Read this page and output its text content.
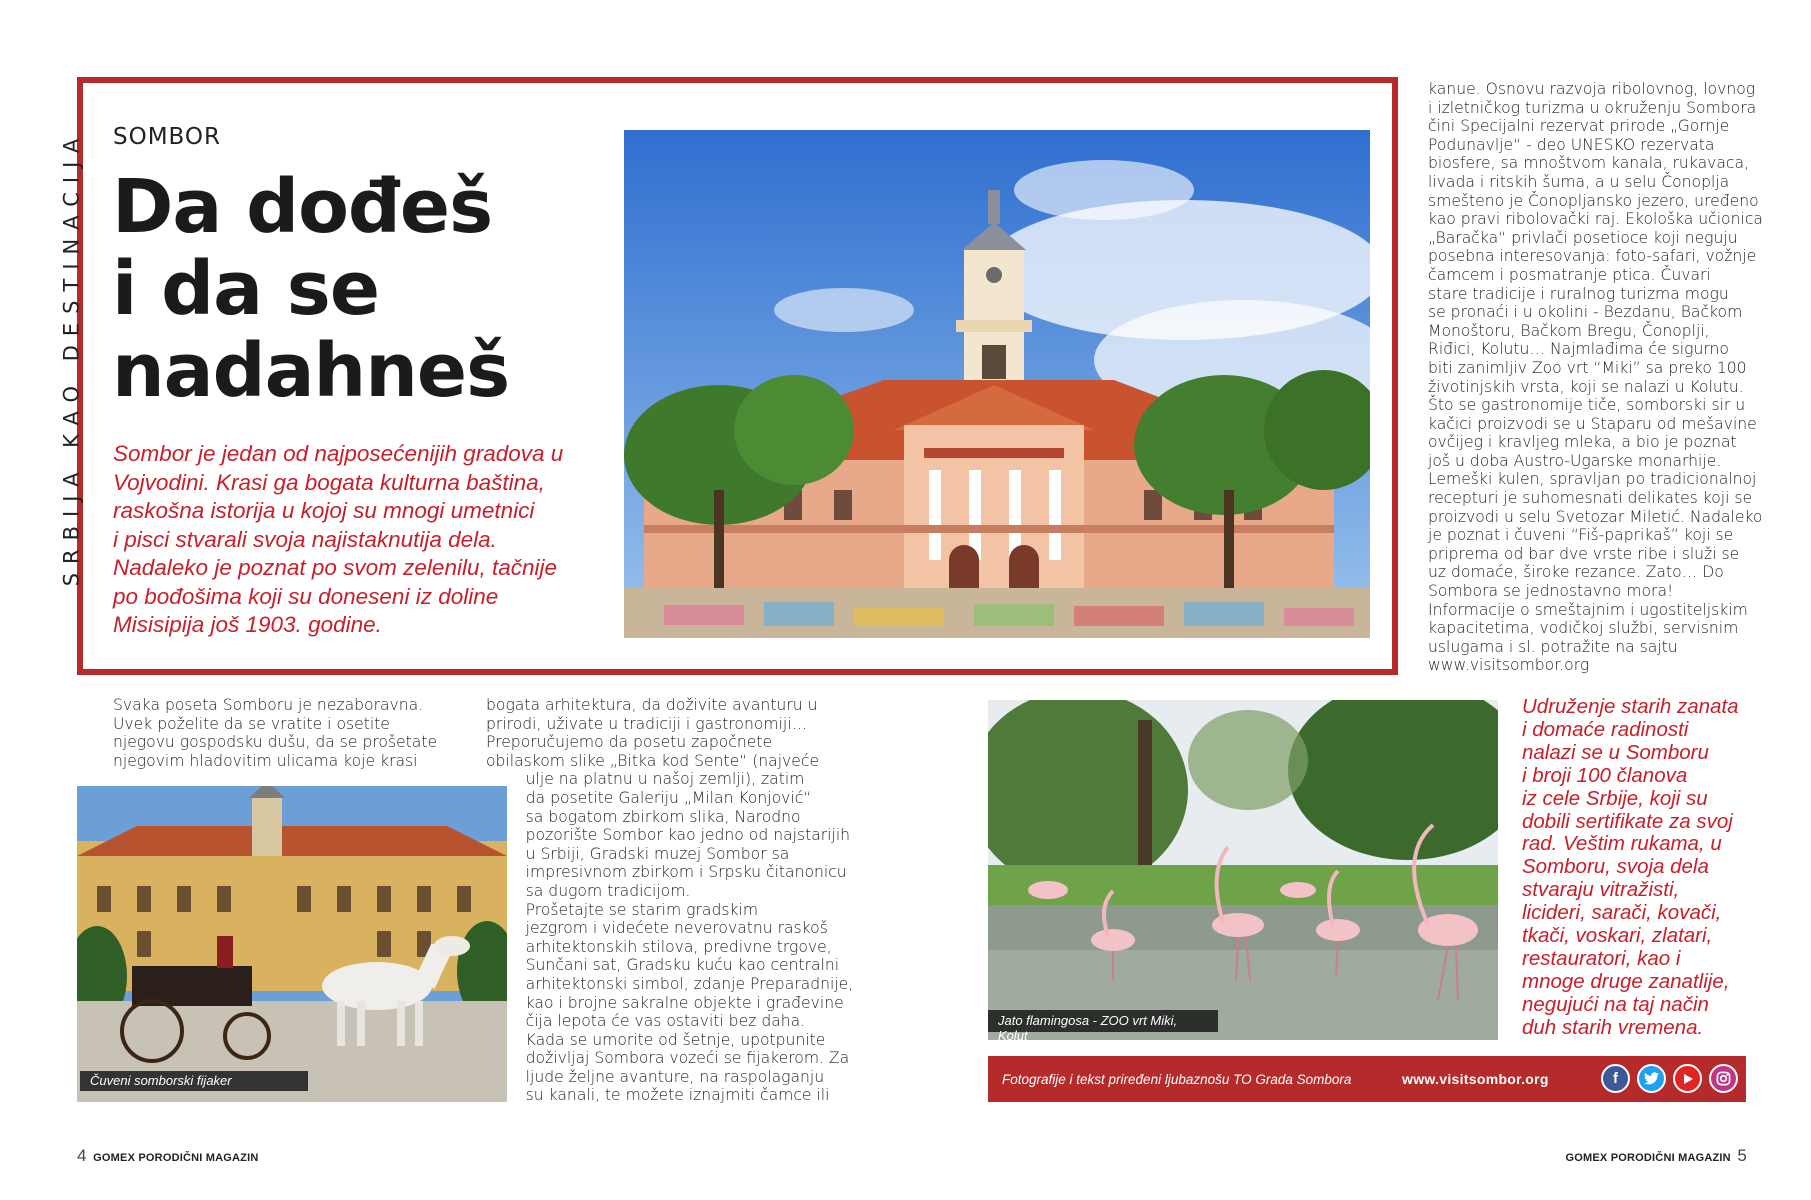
SRBIJA KAO DESTINACIJA SOMBOR
Da dođeš
i da se
nadahneš
Sombor je jedan od najposećenijih gradova u
Vojvodini. Krasi ga bogata kulturna baština,
raskošna istorija u kojoj su mnogi umetnici
i pisci stvarali svoja najistaknutija dela.
Nadaleko je poznat po svom zelenilu, tačnije
po bođošima koji su doneseni iz doline
Misisipija još 1903. godine.

Svaka poseta Somboru je nezaboravna.

Uvek poželite da se vratite i osetite

njegovu gospodsku dušu, da se prošetate

njegovim hladovitim ulicama koje krasi

Čuveni somborski fijaker

bogata arhitektura, da doživite avanturu u

prirodi, uživate u tradiciji i gastronomiji…

Preporučujemo da posetu započnete

obilaskom slike „Bitka kod Sente“ (najveće

ulje na platnu u našoj zemlji), zatim

da posetite Galeriju „Milan Konjović“

sa bogatom zbirkom slika, Narodno

pozorište Sombor kao jedno od najstarijih

u Srbiji, Gradski muzej Sombor sa

impresivnom zbirkom i Srpsku čitanonicu

sa dugom tradicijom.

Prošetajte se starim gradskim

jezgrom i videćete neverovatnu raskoš

arhitektonskih stilova, predivne trgove,

Sunčani sat, Gradsku kuću kao centralni

arhitektonski simbol, zdanje Preparadnije,

kao i brojne sakralne objekte i građevine

čija lepota će vas ostaviti bez daha.

Kada se umorite od šetnje, upotpunite

doživljaj Sombora vozeći se fijakerom. Za

ljude željne avanture, na raspolaganju

su kanali, te možete iznajmiti čamce ili

kanue. Osnovu razvoja ribolovnog, lovnog

i izletničkog turizma u okruženju Sombora

čini Specijalni rezervat prirode „Gornje

Podunavlje“ - deo UNESKO rezervata

biosfere, sa mnoštvom kanala, rukavaca,

livada i ritskih šuma, a u selu Čonoplja

smešteno je Čonopljansko jezero, uređeno

kao pravi ribolovački raj. Ekološka učionica

„Baračka“ privlači posetioce koji neguju

posebna interesovanja: foto-safari, vožnje

čamcem i posmatranje ptica. Čuvari

stare tradicije i ruralnog turizma mogu

se pronaći i u okolini - Bezdanu, Bačkom

Monoštoru, Bačkom Bregu, Čonoplji,

Riđici, Kolutu… Najmlađima će sigurno

biti zanimljiv Zoo vrt “Miki” sa preko 100

životinjskih vrsta, koji se nalazi u Kolutu.

Što se gastronomije tiče, somborski sir u

kačici proizvodi se u Staparu od mešavine

ovčijeg i kravljeg mleka, a bio je poznat

još u doba Austro-Ugarske monarhije.

Lemeški kulen, spravljan po tradicionalnoj

recepturi je suhomesnati delikates koji se

proizvodi u selu Svetozar Miletić. Nadaleko

je poznat i čuveni “Fiš-paprikaš” koji se

priprema od bar dve vrste ribe i služi se

uz domaće, široke rezance. Zato… Do

Sombora se jednostavno mora!

Informacije o smeštajnim i ugostiteljskim

kapacitetima, vodičkoj službi, servisnim

uslugama i sl. potražite na sajtu

www.visitsombor.org

Jato flamingosa - ZOO vrt Miki, Kolut

Udruženje starih zanata

i domaće radinosti

nalazi se u Somboru

i broji 100 članova

iz cele Srbije, koji su

dobili sertifikate za svoj

rad. Veštim rukama, u

Somboru, svoja dela

stvaraju vitražisti,

licideri, sarači, kovači,

tkači, voskari, zlatari,

restauratori, kao i

mnoge druge zanatlije,

negujući na taj način

duh starih vremena.

Fotografije i tekst priređeni ljubaznošu TO Grada Sombora	www.visitsombor.org	f
4 GOMEX PORODIČNI MAGAZIN	GOMEX PORODIČNI MAGAZIN 5
